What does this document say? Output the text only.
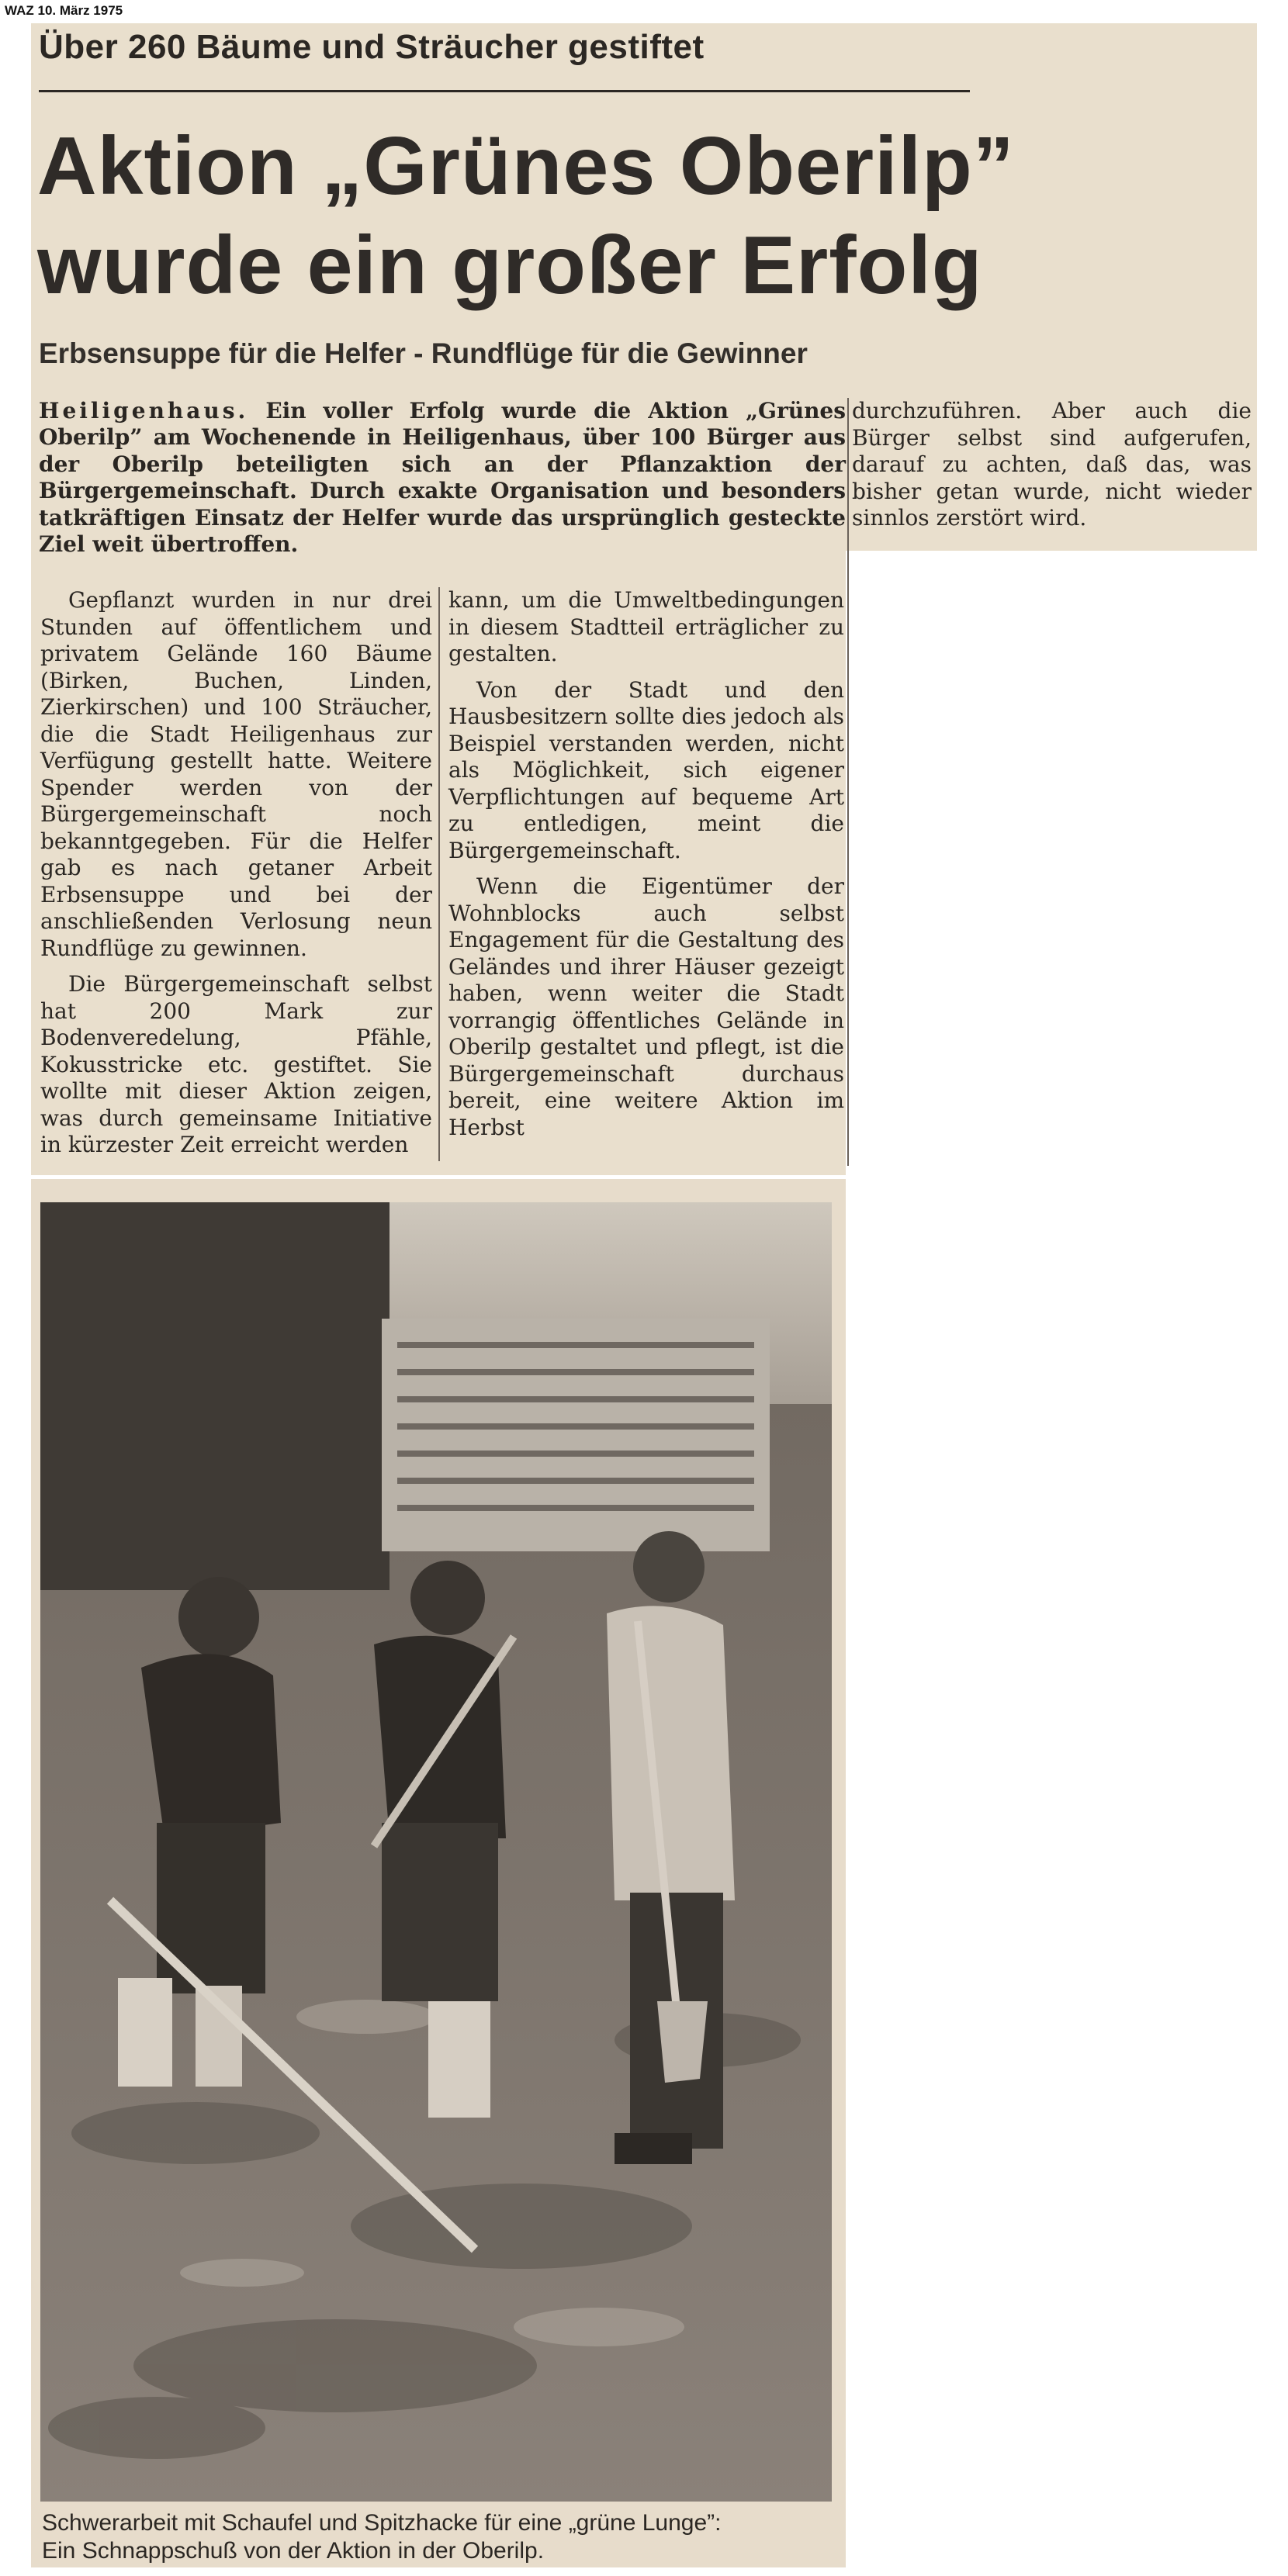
WAZ 10. März 1975
Über 260 Bäume und Sträucher gestiftet
Aktion „Grünes Oberilp”
wurde ein großer Erfolg
Erbsensuppe für die Helfer - Rundflüge für die Gewinner
Heiligenhaus. Ein voller Erfolg wurde die Aktion „Grünes Oberilp” am Wochenende in Heiligenhaus, über 100 Bürger aus der Oberilp beteiligten sich an der Pflanzaktion der Bürgergemeinschaft. Durch exakte Organisation und besonders tatkräftigen Einsatz der Helfer wurde das ursprünglich gesteckte Ziel weit übertroffen.

Gepflanzt wurden in nur drei Stunden auf öffentlichem und privatem Gelände 160 Bäume (Birken, Buchen, Linden, Zierkirschen) und 100 Sträucher, die die Stadt Heiligenhaus zur Verfügung gestellt hatte. Weitere Spender werden von der Bürgergemeinschaft noch bekanntgegeben. Für die Helfer gab es nach getaner Arbeit Erbsensuppe und bei der anschließenden Verlosung neun Rundflüge zu gewinnen.

Die Bürgergemeinschaft selbst hat 200 Mark zur Bodenveredelung, Pfähle, Kokusstricke etc. gestiftet. Sie wollte mit dieser Aktion zeigen, was durch gemeinsame Initiative in kürzester Zeit erreicht werden

kann, um die Umweltbedingungen in diesem Stadtteil erträglicher zu gestalten.

Von der Stadt und den Hausbesitzern sollte dies jedoch als Beispiel verstanden werden, nicht als Möglichkeit, sich eigener Verpflichtungen auf bequeme Art zu entledigen, meint die Bürgergemeinschaft.

Wenn die Eigentümer der Wohnblocks auch selbst Engagement für die Gestaltung des Geländes und ihrer Häuser gezeigt haben, wenn weiter die Stadt vorrangig öffentliches Gelände in Oberilp gestaltet und pflegt, ist die Bürgergemeinschaft durchaus bereit, eine weitere Aktion im Herbst

durchzuführen. Aber auch die Bürger selbst sind aufgerufen, darauf zu achten, daß das, was bisher getan wurde, nicht wieder sinnlos zerstört wird.

Schwerarbeit mit Schaufel und Spitzhacke für eine „grüne Lunge”:
Ein Schnappschuß von der Aktion in der Oberilp.
